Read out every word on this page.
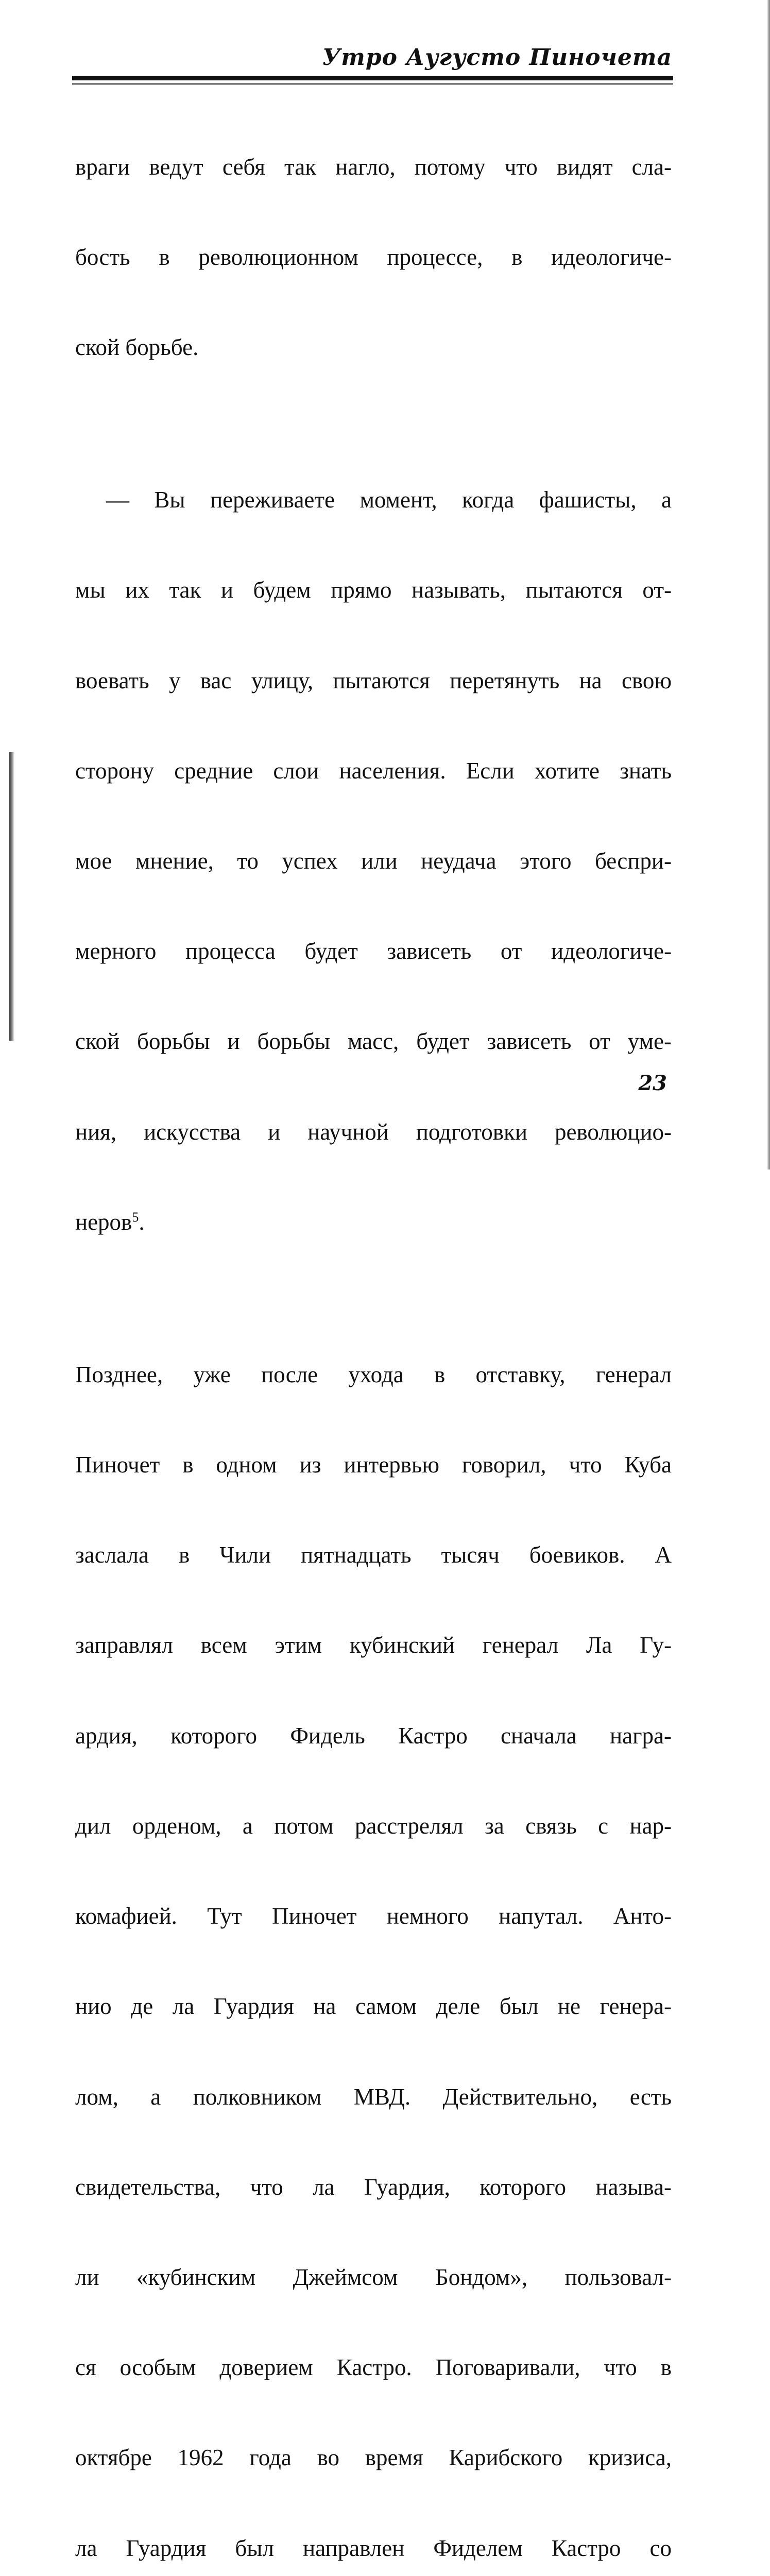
Утро Аугусто Пиночета

враги ведут себя так нагло, потому что видят сла-

бость в революционном процессе, в идеологиче-

ской борьбе.

— Вы переживаете момент, когда фашисты, а

мы их так и будем прямо называть, пытаются от-

воевать у вас улицу, пытаются перетянуть на свою

сторону средние слои населения. Если хотите знать

мое мнение, то успех или неудача этого беспри-

мерного процесса будет зависеть от идеологиче-

ской борьбы и борьбы масс, будет зависеть от уме-

ния, искусства и научной подготовки революцио-

неров$^5$.

Позднее, уже после ухода в отставку, генерал

Пиночет в одном из интервью говорил, что Куба

заслала в Чили пятнадцать тысяч боевиков. А

заправлял всем этим кубинский генерал Ла Гу-

ардия, которого Фидель Кастро сначала награ-

дил орденом, а потом расстрелял за связь с нар-

комафией. Тут Пиночет немного напутал. Анто-

нио де ла Гуардия на самом деле был не генера-

лом, а полковником МВД. Действительно, есть

свидетельства, что ла Гуардия, которого называ-

ли «кубинским Джеймсом Бондом», пользовал-

ся особым доверием Кастро. Поговаривали, что в

октябре 1962 года во время Карибского кризиса,

ла Гуардия был направлен Фиделем Кастро со

23
